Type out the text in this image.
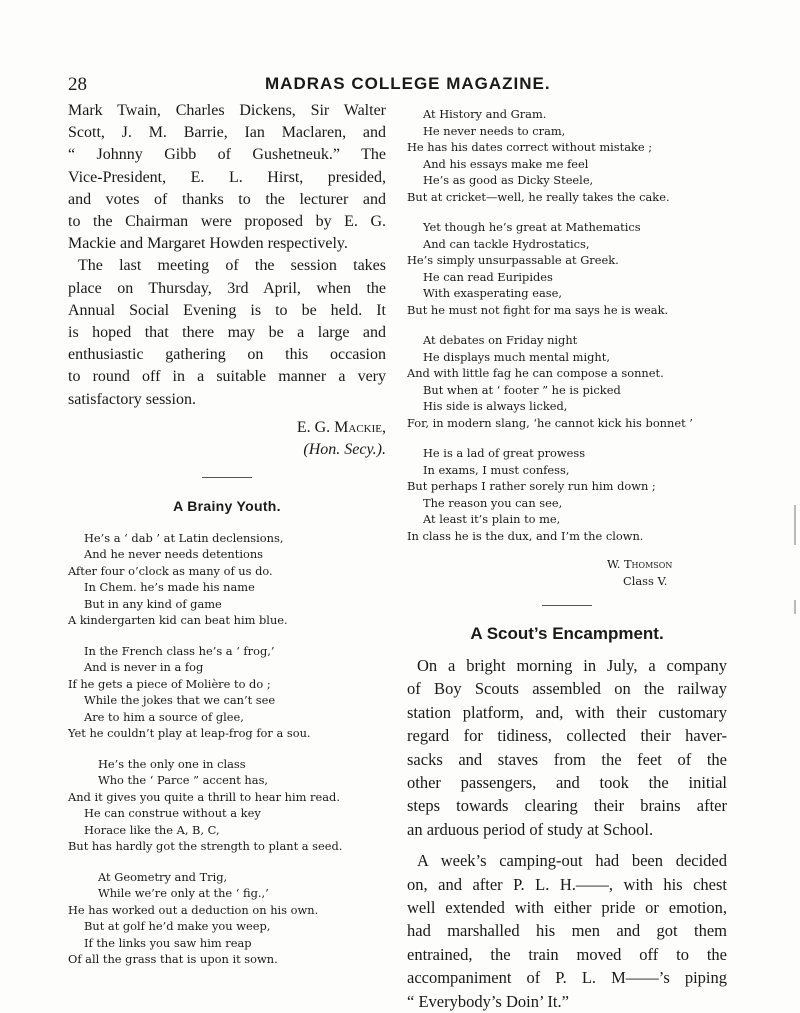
28	MADRAS COLLEGE MAGAZINE.
Mark Twain, Charles Dickens, Sir Walter
Scott, J. M. Barrie, Ian Maclaren, and
“ Johnny Gibb of Gushetneuk.” The
Vice-President, E. L. Hirst, presided,
and votes of thanks to the lecturer and
to the Chairman were proposed by E. G.
Mackie and Margaret Howden respectively.
The last meeting of the session takes
place on Thursday, 3rd April, when the
Annual Social Evening is to be held. It
is hoped that there may be a large and
enthusiastic gathering on this occasion
to round off in a suitable manner a very
satisfactory session.
E. G. Mackie,
(Hon. Secy.).
A Brainy Youth.
He’s a ‘ dab ’ at Latin declensions,
And he never needs detentions
After four o’clock as many of us do.
In Chem. he’s made his name
But in any kind of game
A kindergarten kid can beat him blue.
In the French class he’s a ‘ frog,’
And is never in a fog
If he gets a piece of Molière to do ;
While the jokes that we can’t see
Are to him a source of glee,
Yet he couldn’t play at leap-frog for a sou.
He’s the only one in class
Who the ‘ Parce ” accent has,
And it gives you quite a thrill to hear him read.
He can construe without a key
Horace like the A, B, C,
But has hardly got the strength to plant a seed.
At Geometry and Trig,
While we’re only at the ‘ fig.,’
He has worked out a deduction on his own.
But at golf he’d make you weep,
If the links you saw him reap
Of all the grass that is upon it sown.
At History and Gram.
He never needs to cram,
He has his dates correct without mistake ;
And his essays make me feel
He’s as good as Dicky Steele,
But at cricket—well, he really takes the cake.
Yet though he’s great at Mathematics
And can tackle Hydrostatics,
He’s simply unsurpassable at Greek.
He can read Euripides
With exasperating ease,
But he must not fight for ma says he is weak.
At debates on Friday night
He displays much mental might,
And with little fag he can compose a sonnet.
But when at ‘ footer ” he is picked
His side is always licked,
For, in modern slang, ‘he cannot kick his bonnet ’
He is a lad of great prowess
In exams, I must confess,
But perhaps I rather sorely run him down ;
The reason you can see,
At least it’s plain to me,
In class he is the dux, and I’m the clown.
W. Thomson
Class V.
A Scout’s Encampment.
On a bright morning in July, a company
of Boy Scouts assembled on the railway
station platform, and, with their customary
regard for tidiness, collected their haver-
sacks and staves from the feet of the
other passengers, and took the initial
steps towards clearing their brains after
an arduous period of study at School.
A week’s camping-out had been decided
on, and after P. L. H.——, with his chest
well extended with either pride or emotion,
had marshalled his men and got them
entrained, the train moved off to the
accompaniment of P. L. M——’s piping
“ Everybody’s Doin’ It.”
